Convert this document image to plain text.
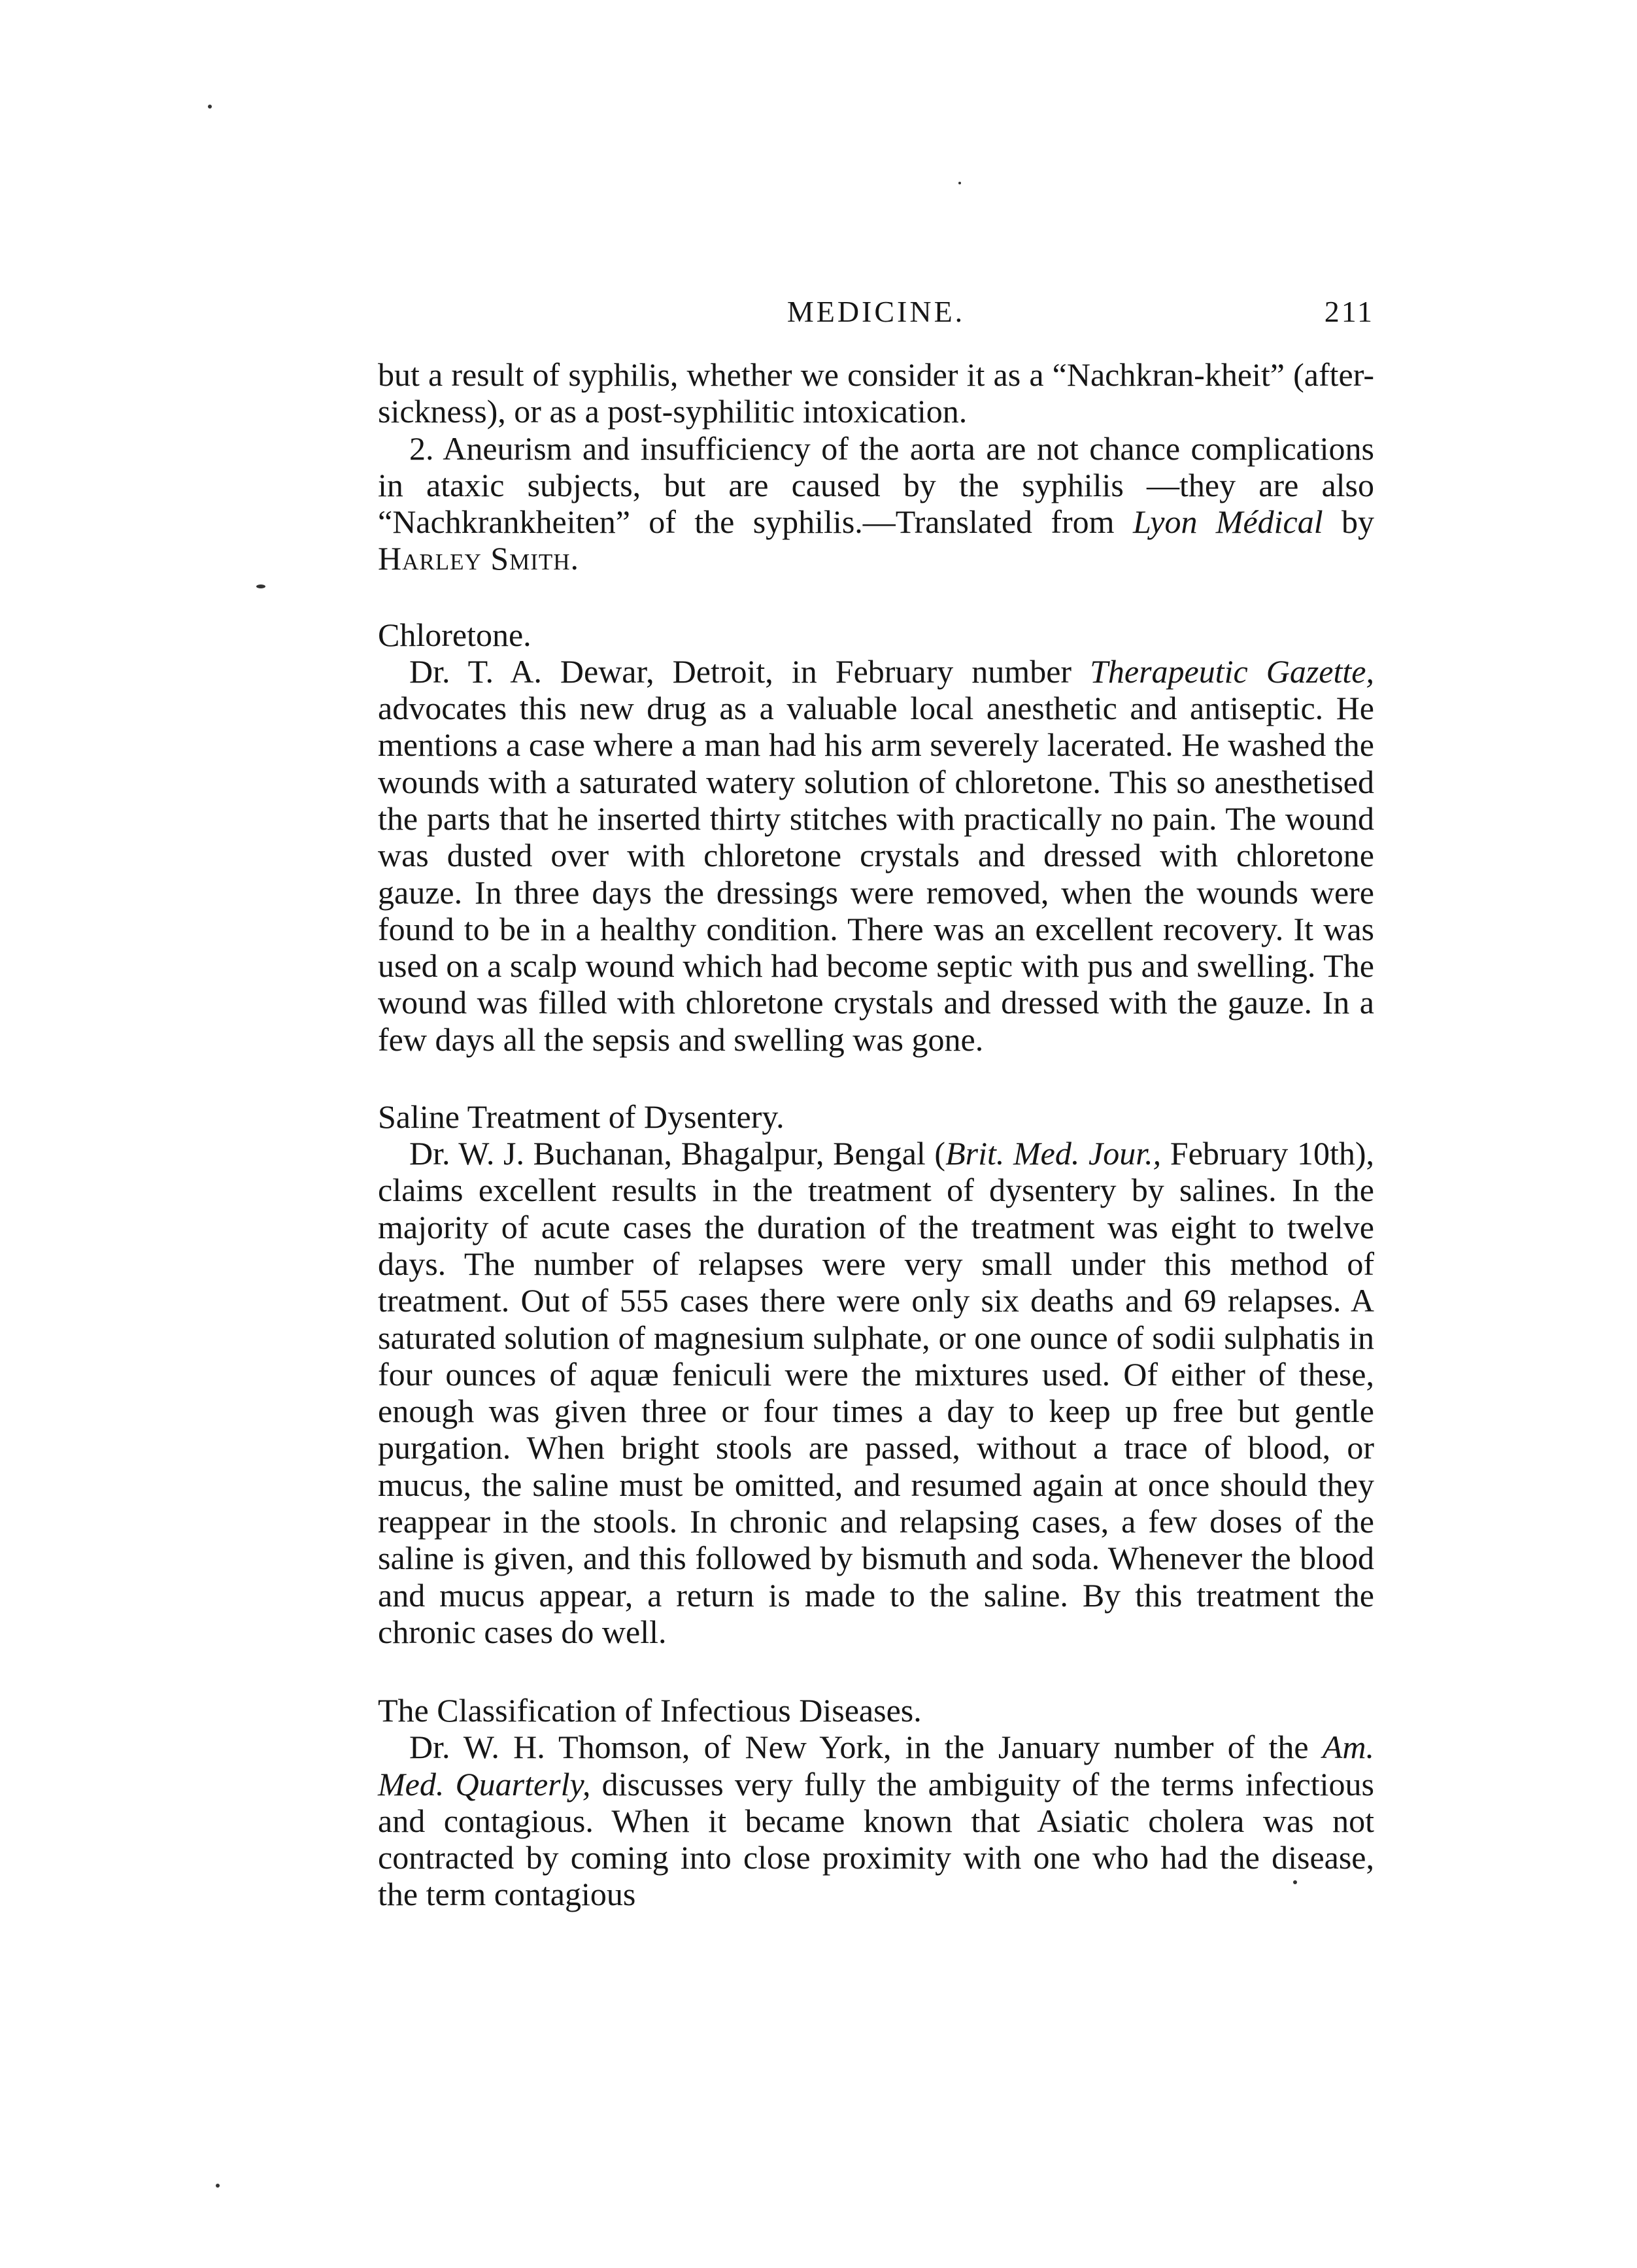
MEDICINE.	211

but a result of syphilis, whether we consider it as a “Nachkran-kheit” (after-sickness), or as a post-syphilitic intoxication.

2. Aneurism and insufficiency of the aorta are not chance complications in ataxic subjects, but are caused by the syphilis —they are also “Nachkrankheiten” of the syphilis.—Translated from Lyon Médical by Harley Smith.

Chloretone.

Dr. T. A. Dewar, Detroit, in February number Therapeutic Gazette, advocates this new drug as a valuable local anesthetic and antiseptic. He mentions a case where a man had his arm severely lacerated. He washed the wounds with a saturated watery solution of chloretone. This so anesthetised the parts that he inserted thirty stitches with practically no pain. The wound was dusted over with chloretone crystals and dressed with chloretone gauze. In three days the dressings were removed, when the wounds were found to be in a healthy condition. There was an excellent recovery. It was used on a scalp wound which had become septic with pus and swelling. The wound was filled with chloretone crystals and dressed with the gauze. In a few days all the sepsis and swelling was gone.

Saline Treatment of Dysentery.

Dr. W. J. Buchanan, Bhagalpur, Bengal (Brit. Med. Jour., February 10th), claims excellent results in the treatment of dysentery by salines. In the majority of acute cases the duration of the treatment was eight to twelve days. The number of relapses were very small under this method of treatment. Out of 555 cases there were only six deaths and 69 relapses. A saturated solution of magnesium sulphate, or one ounce of sodii sulphatis in four ounces of aquæ feniculi were the mixtures used. Of either of these, enough was given three or four times a day to keep up free but gentle purgation. When bright stools are passed, without a trace of blood, or mucus, the saline must be omitted, and resumed again at once should they reappear in the stools. In chronic and relapsing cases, a few doses of the saline is given, and this followed by bismuth and soda. Whenever the blood and mucus appear, a return is made to the saline. By this treatment the chronic cases do well.

The Classification of Infectious Diseases.

Dr. W. H. Thomson, of New York, in the January number of the Am. Med. Quarterly, discusses very fully the ambiguity of the terms infectious and contagious. When it became known that Asiatic cholera was not contracted by coming into close proximity with one who had the disease, the term contagious
